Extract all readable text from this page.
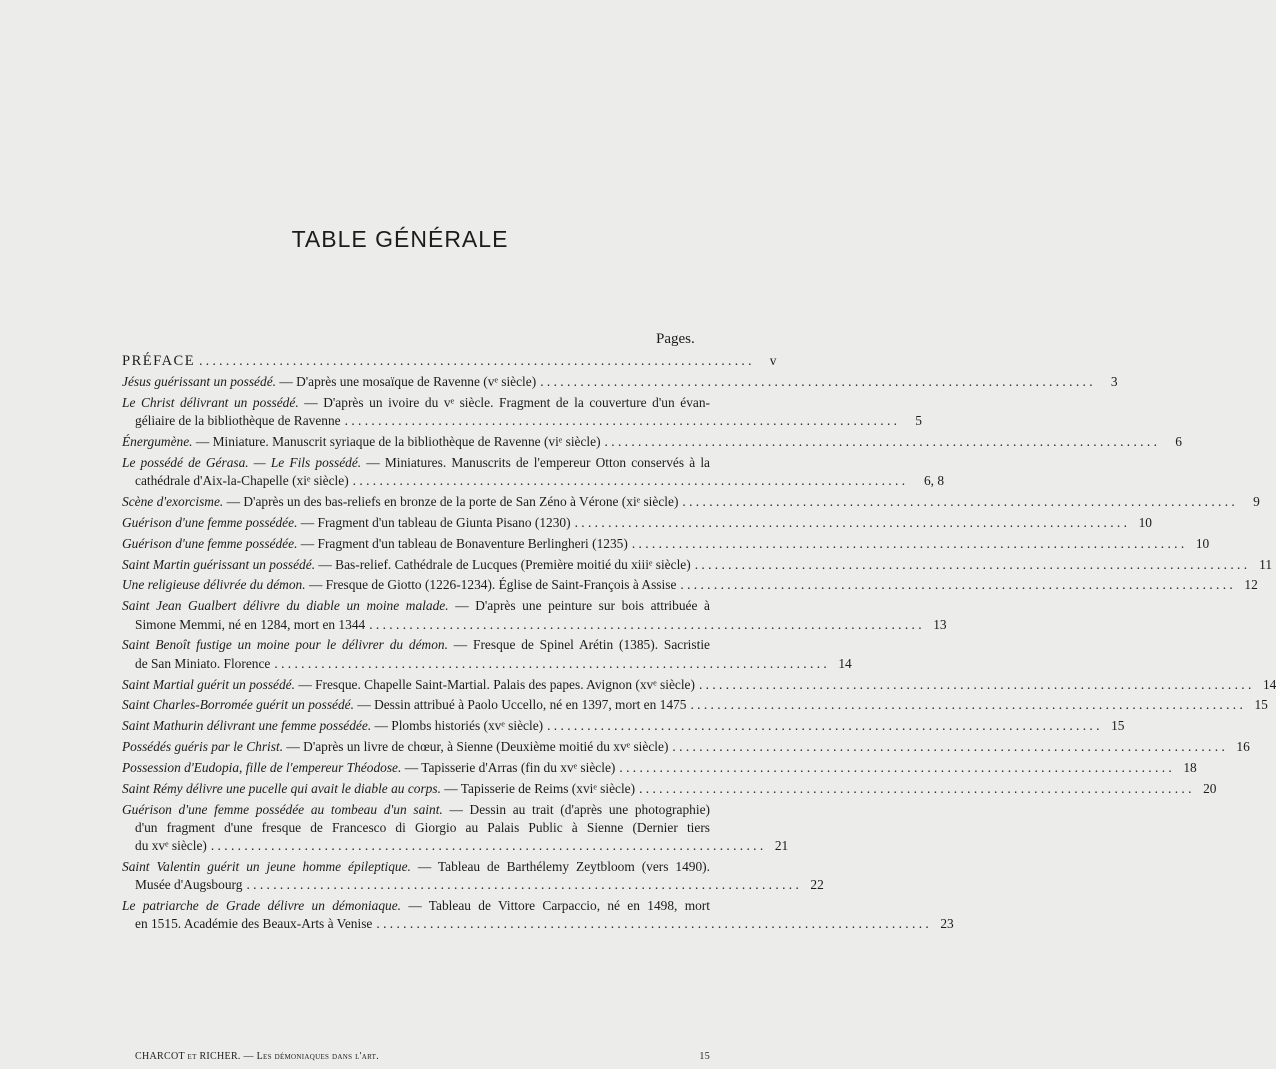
TABLE GÉNÉRALE
Pages.
PRÉFACE . . .	v
Jésus guérissant un possédé. — D'après une mosaïque de Ravenne (vᵉ siècle) . . .	3
Le Christ délivrant un possédé. — D'après un ivoire du vᵉ siècle. Fragment de la couverture d'un évan-
géliaire de la bibliothèque de Ravenne . . .	5
Énergumène. — Miniature. Manuscrit syriaque de la bibliothèque de Ravenne (viᵉ siècle) . . .	6
Le possédé de Gérasa. — Le Fils possédé. — Miniatures. Manuscrits de l'empereur Otton conservés à la
cathédrale d'Aix-la-Chapelle (xiᵉ siècle) . . .	6, 8
Scène d'exorcisme. — D'après un des bas-reliefs en bronze de la porte de San Zéno à Vérone (xiᵉ siècle) . . .	9
Guérison d'une femme possédée. — Fragment d'un tableau de Giunta Pisano (1230) . . .	10
Guérison d'une femme possédée. — Fragment d'un tableau de Bonaventure Berlingheri (1235) . . .	10
Saint Martin guérissant un possédé. — Bas-relief. Cathédrale de Lucques (Première moitié du xiiiᵉ siècle) . . .	11
Une religieuse délivrée du démon. — Fresque de Giotto (1226-1234). Église de Saint-François à Assise . . .	12
Saint Jean Gualbert délivre du diable un moine malade. — D'après une peinture sur bois attribuée à
Simone Memmi, né en 1284, mort en 1344 . . .	13
Saint Benoît fustige un moine pour le délivrer du démon. — Fresque de Spinel Arétin (1385). Sacristie
de San Miniato. Florence . . .	14
Saint Martial guérit un possédé. — Fresque. Chapelle Saint-Martial. Palais des papes. Avignon (xvᵉ siècle) . . .	14
Saint Charles-Borromée guérit un possédé. — Dessin attribué à Paolo Uccello, né en 1397, mort en 1475 . . .	15
Saint Mathurin délivrant une femme possédée. — Plombs historiés (xvᵉ siècle) . . .	15
Possédés guéris par le Christ. — D'après un livre de chœur, à Sienne (Deuxième moitié du xvᵉ siècle) . . .	16
Possession d'Eudopia, fille de l'empereur Théodose. — Tapisserie d'Arras (fin du xvᵉ siècle) . . .	18
Saint Rémy délivre une pucelle qui avait le diable au corps. — Tapisserie de Reims (xviᵉ siècle) . . .	20
Guérison d'une femme possédée au tombeau d'un saint. — Dessin au trait (d'après une photographie)
d'un fragment d'une fresque de Francesco di Giorgio au Palais Public à Sienne (Dernier tiers
du xvᵉ siècle) . . .	21
Saint Valentin guérit un jeune homme épileptique. — Tableau de Barthélemy Zeytbloom (vers 1490).
Musée d'Augsbourg . . .	22
Le patriarche de Grade délivre un démoniaque. — Tableau de Vittore Carpaccio, né en 1498, mort
en 1515. Académie des Beaux-Arts à Venise . . .	23
CHARCOT et RICHER. — Les démoniaques dans l'art.	15
